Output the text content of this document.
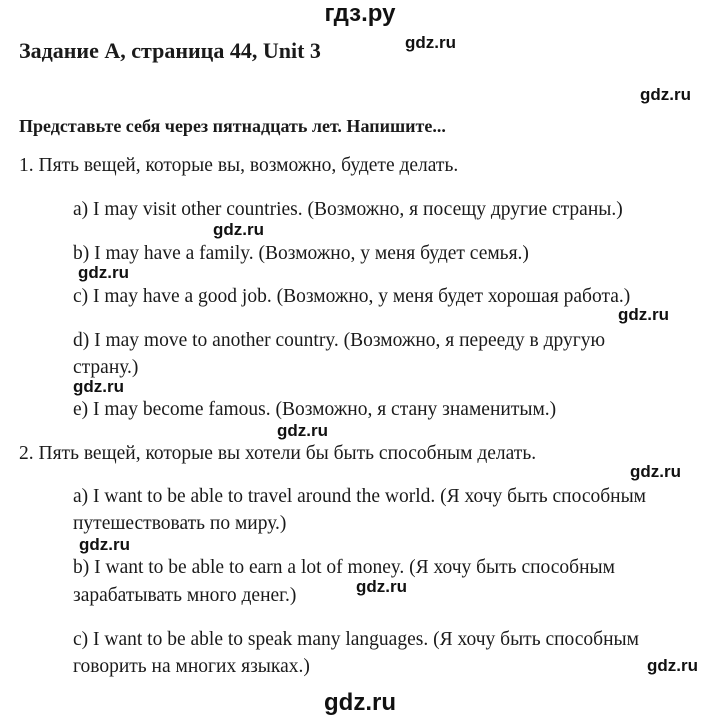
гдз.ру
Задание A, страница 44, Unit 3
Представьте себя через пятнадцать лет. Напишите...
1. Пять вещей, которые вы, возможно, будете делать.
a) I may visit other countries. (Возможно, я посещу другие страны.)
b) I may have a family. (Возможно, у меня будет семья.)
c) I may have a good job. (Возможно, у меня будет хорошая работа.)
d) I may move to another country. (Возможно, я перееду в другую
страну.)
e) I may become famous. (Возможно, я стану знаменитым.)
2. Пять вещей, которые вы хотели бы быть способным делать.
a) I want to be able to travel around the world. (Я хочу быть способным
путешествовать по миру.)
b) I want to be able to earn a lot of money. (Я хочу быть способным
зарабатывать много денег.)
c) I want to be able to speak many languages. (Я хочу быть способным
говорить на многих языках.)
gdz.ru
gdz.ru
gdz.ru
gdz.ru
gdz.ru
gdz.ru
gdz.ru
gdz.ru
gdz.ru
gdz.ru
gdz.ru
gdz.ru
